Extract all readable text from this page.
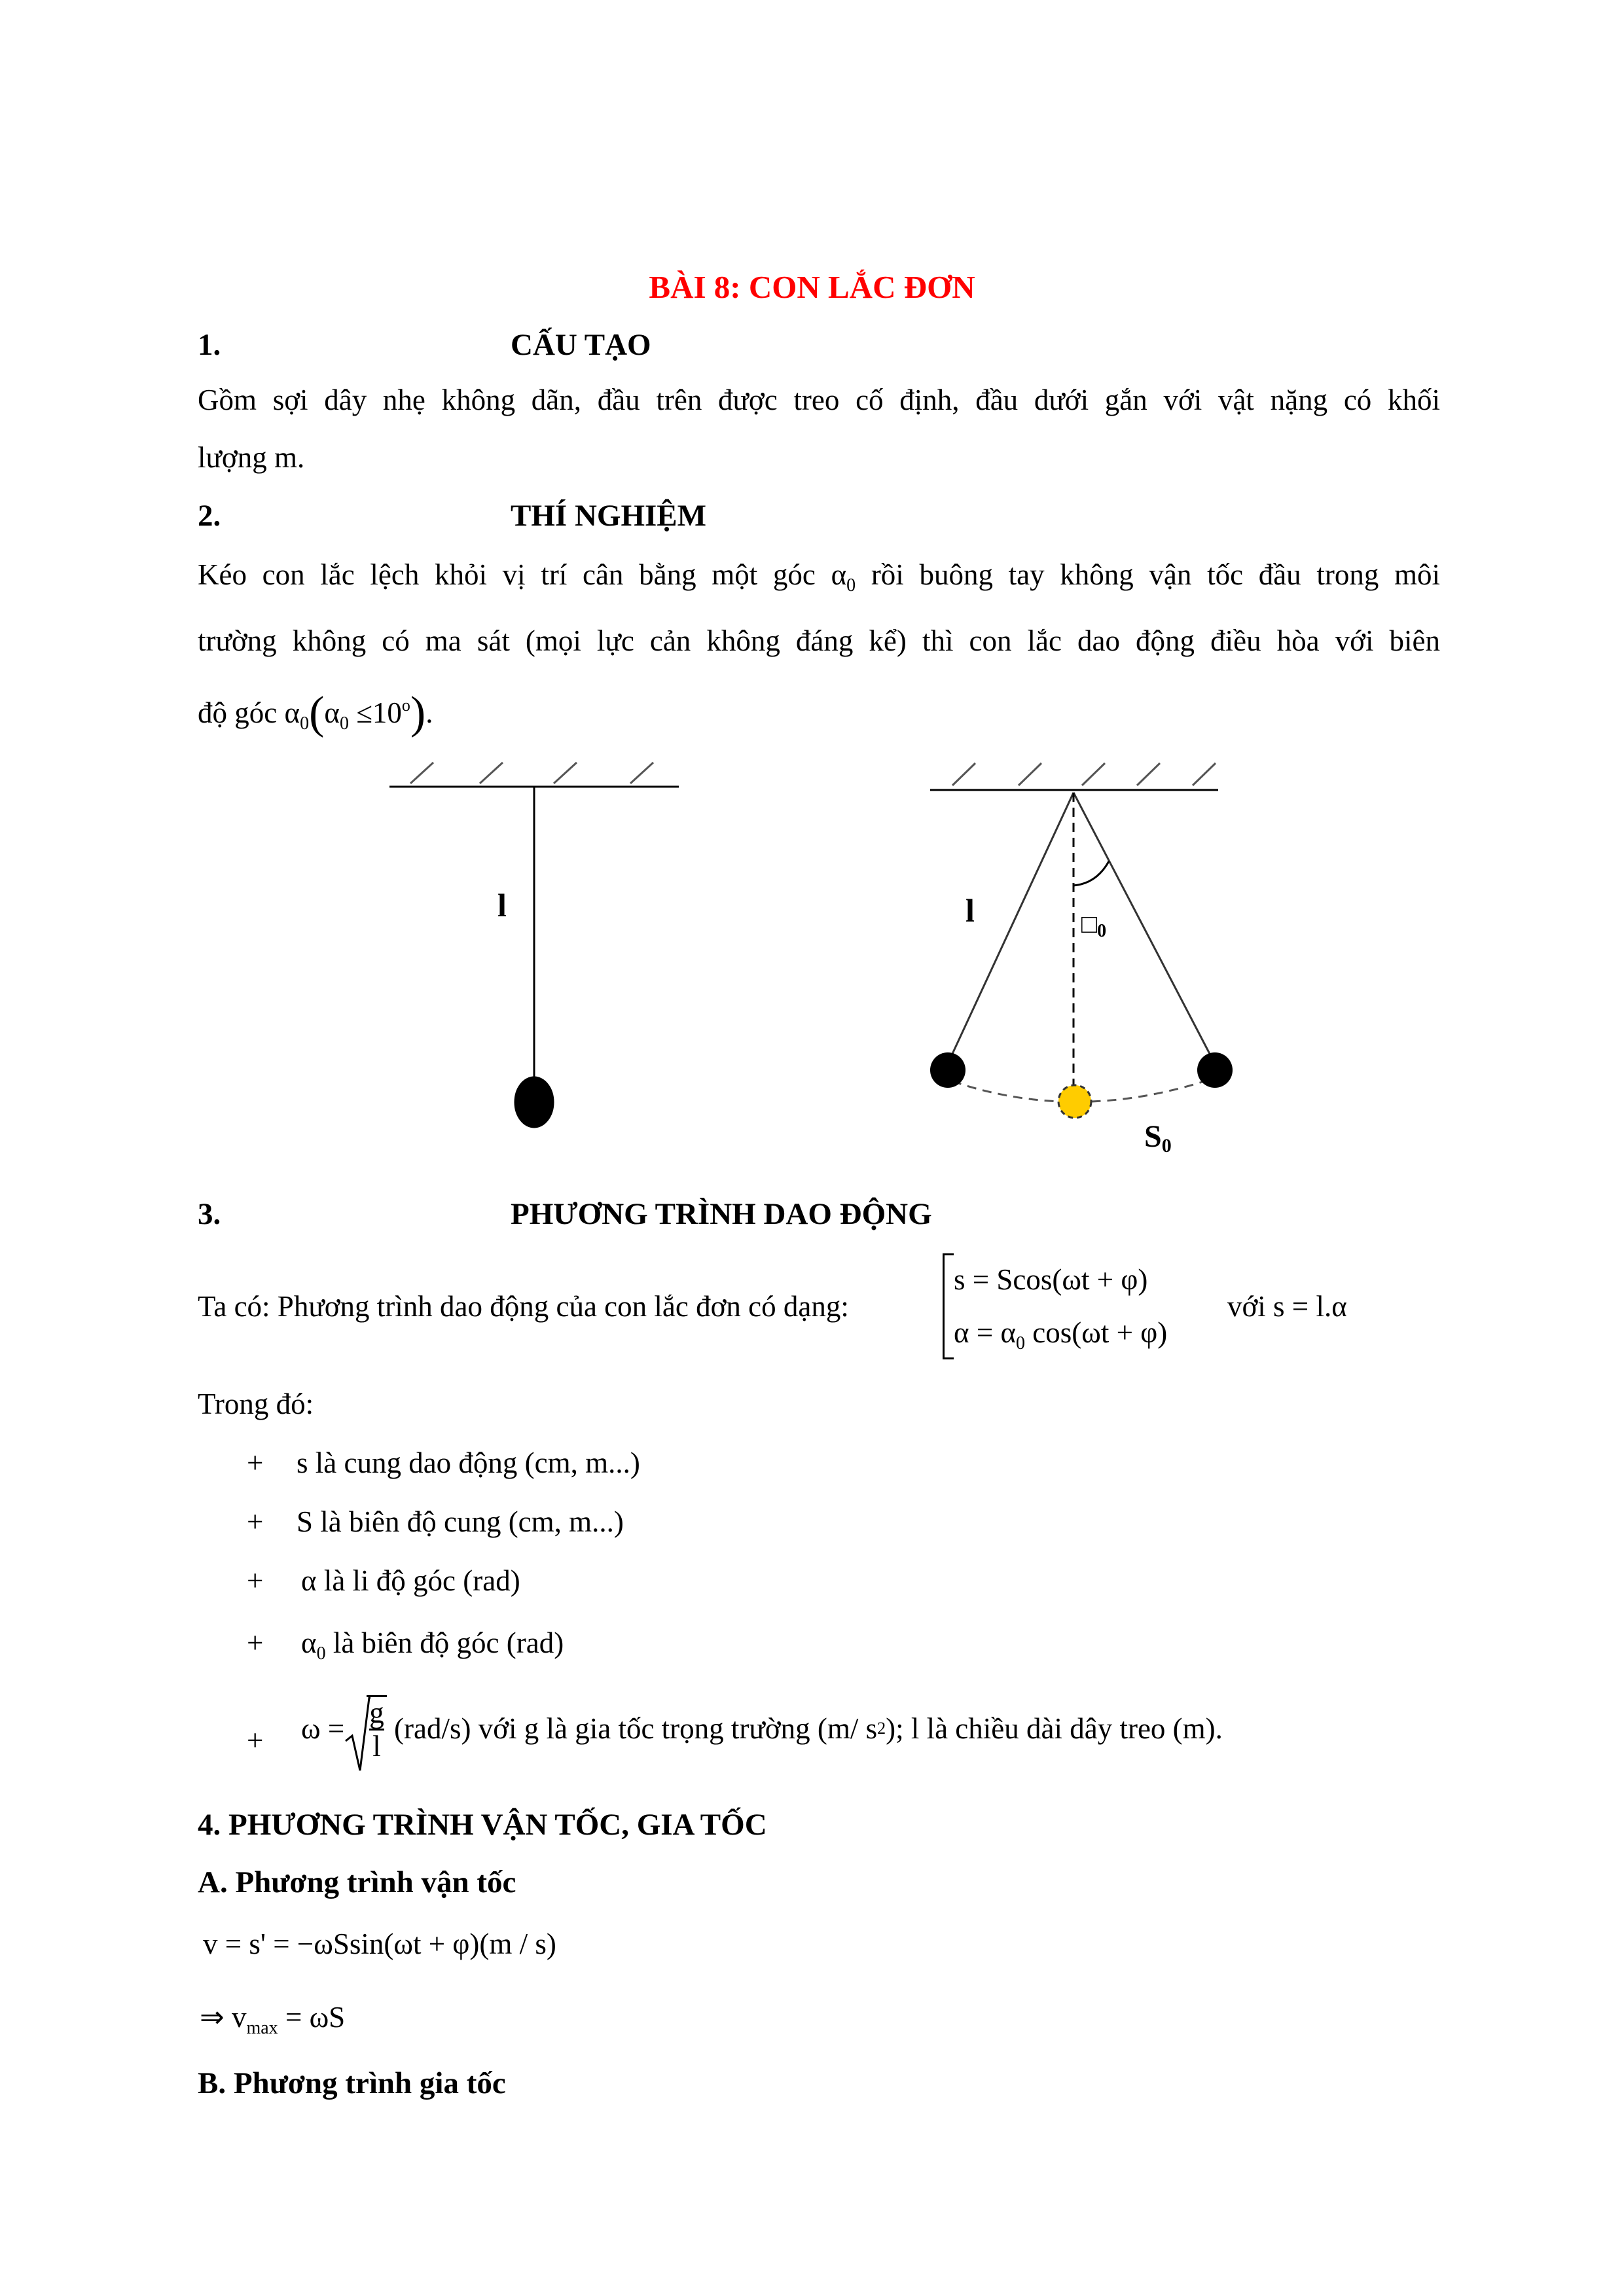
BÀI 8: CON LẮC ĐƠN
1.	CẤU TẠO
Gồm sợi dây nhẹ không dãn, đầu trên được treo cố định, đầu dưới gắn với vật nặng có khối
lượng m.
2.	THÍ NGHIỆM
Kéo con lắc lệch khỏi vị trí cân bằng một góc $\alpha_0$ rồi buông tay không vận tốc đầu trong môi
trường không có ma sát (mọi lực cản không đáng kể) thì con lắc dao động điều hòa với biên
độ góc $\alpha_0(\alpha_0 \le 10^o)$.
l	l	□0
S0
3.	PHƯƠNG TRÌNH DAO ĐỘNG
Ta có: Phương trình dao động của con lắc đơn có dạng:
s = Scos(ωt + φ)
$\alpha = \alpha_0$ cos(ωt + φ)
với s = l.α
Trong đó:
+ s là cung dao động (cm, m...)
+ S là biên độ cung (cm, m...)
+ α là li độ góc (rad)
+ $\alpha_0$ là biên độ góc (rad)
+ $\omega = \frac{g}{l}$
(rad/s) với g là gia tốc trọng trường (m/ s 2 ); l là chiều dài dây treo (m).
4. PHƯƠNG TRÌNH VẬN TỐC, GIA TỐC
A. Phương trình vận tốc
v = s' = −ωSsin(ωt + φ)(m / s)
⇒ $v_{max} = \omega S$
B. Phương trình gia tốc
